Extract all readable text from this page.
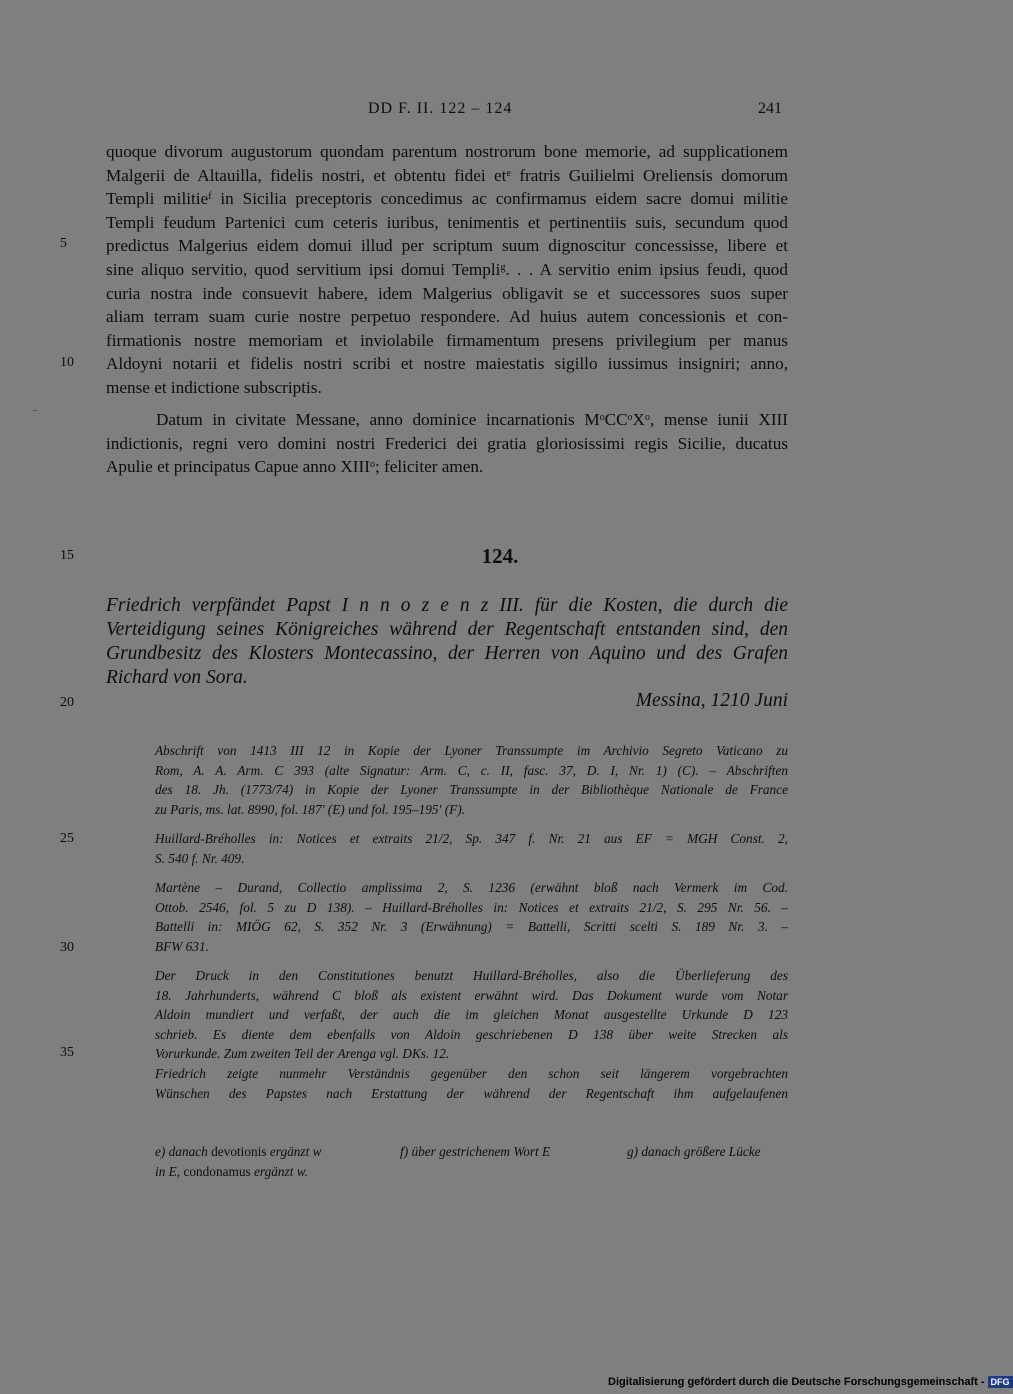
DD F. II. 122 – 124	241
quoque divorum augustorum quondam parentum nostrorum bone memorie, ad supplicationem
Malgerii de Altauilla, fidelis nostri, et obtentu fidei $et^e$ fratris Guilielmi Oreliensis domorum
Templi militie$^f$ in Sicilia preceptoris concedimus ac confirmamus eidem sacre domui militie
Templi feudum Partenici cum ceteris iuribus, tenimentis et pertinentiis suis, secundum quod
predictus Malgerius eidem domui illud per scriptum suum dignoscitur concessisse, libere et
sine aliquo servitio, quod servitium ipsi domui Templi$^g$. . . A servitio enim ipsius feudi, quod
curia nostra inde consuevit habere, idem Malgerius obligavit se et successores suos super
aliam terram suam curie nostre perpetuo respondere. Ad huius autem concessionis et con-
firmationis nostre memoriam et inviolabile firmamentum presens privilegium per manus
Aldoyni notarii et fidelis nostri scribi et nostre maiestatis sigillo iussimus insigniri; anno,
mense et indictione subscriptis.
Datum in civitate Messane, anno dominice incarnationis $M^oCC^oX^o$, mense iunii XIII
indictionis, regni vero domini nostri Frederici dei gratia gloriosissimi regis Sicilie, ducatus
Apulie et principatus Capue anno XIII$^o$; feliciter amen.
5
10
15
20
25
30
35
124.
Friedrich verpfändet Papst I n n o z e n z III. für die Kosten, die durch die
Verteidigung seines Königreiches während der Regentschaft entstanden sind, den
Grundbesitz des Klosters Montecassino, der Herren von Aquino und des Grafen
Richard von Sora.
Messina, 1210 Juni
Abschrift von 1413 III 12 in Kopie der Lyoner Transsumpte im Archivio Segreto Vaticano zu
Rom, A. A. Arm. C 393 (alte Signatur: Arm. C, c. II, fasc. 37, D. I, Nr. 1) (C). – Abschriften
des 18. Jh. (1773/74) in Kopie der Lyoner Transsumpte in der Bibliothèque Nationale de France
zu Paris, ms. lat. 8990, fol. 187' (E) und fol. 195–195' (F).
Huillard-Bréholles in: Notices et extraits 21/2, Sp. 347 f. Nr. 21 aus EF = MGH Const. 2,
S. 540 f. Nr. 409.
Martène – Durand, Collectio amplissima 2, S. 1236 (erwähnt bloß nach Vermerk im Cod.
Ottob. 2546, fol. 5 zu D 138). – Huillard-Bréholles in: Notices et extraits 21/2, S. 295 Nr. 56. –
Battelli in: MIÖG 62, S. 352 Nr. 3 (Erwähnung) = Battelli, Scritti scelti S. 189 Nr. 3. –
BFW 631.
Der Druck in den Constitutiones benutzt Huillard-Bréholles, also die Überlieferung des
18. Jahrhunderts, während C bloß als existent erwähnt wird. Das Dokument wurde vom Notar
Aldoin mundiert und verfaßt, der auch die im gleichen Monat ausgestellte Urkunde D 123
schrieb. Es diente dem ebenfalls von Aldoin geschriebenen D 138 über weite Strecken als
Vorurkunde. Zum zweiten Teil der Arenga vgl. DKs. 12.
Friedrich zeigte nunmehr Verständnis gegenüber den schon seit längerem vorgebrachten
Wünschen des Papstes nach Erstattung der während der Regentschaft ihm aufgelaufenen
e) danach devotionis ergänzt w	f) über gestrichenem Wort E	g) danach größere Lücke
in E, condonamus ergänzt w.
Digitalisierung gefördert durch die Deutsche Forschungsgemeinschaft - DFG
